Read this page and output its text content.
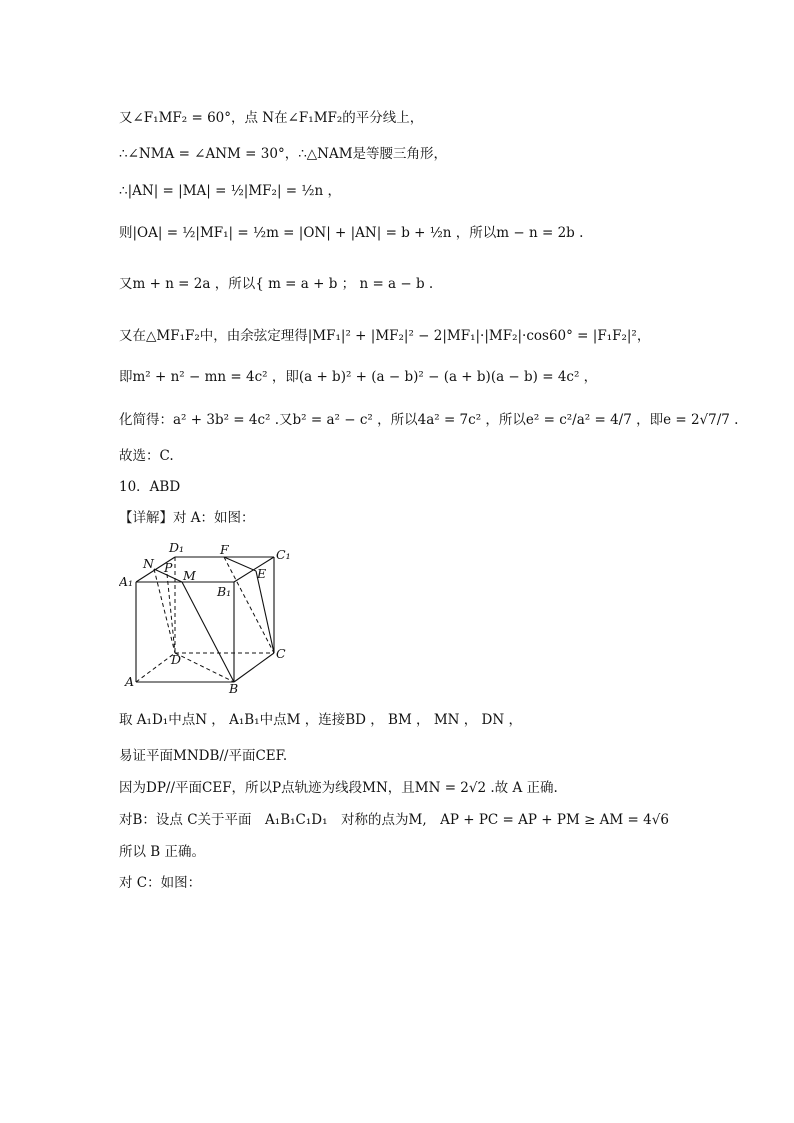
又∠F₁MF₂ = 60°，点 N在∠F₁MF₂的平分线上，
∴∠NMA = ∠ANM = 30°，∴△NAM是等腰三角形，
∴|AN| = |MA| = ½|MF₂| = ½n ，
则|OA| = ½|MF₁| = ½m = |ON| + |AN| = b + ½n ，所以m − n = 2b .
又m + n = 2a ，所以{ m = a + b ； n = a − b .
又在△MF₁F₂中，由余弦定理得|MF₁|² + |MF₂|² − 2|MF₁|·|MF₂|·cos60° = |F₁F₂|²，
即m² + n² − mn = 4c² ，即(a + b)² + (a − b)² − (a + b)(a − b) = 4c² ，
化简得：a² + 3b² = 4c² .又b² = a² − c² ，所以4a² = 7c² ，所以e² = c²/a² = 4/7 ，即e = 2√7/7 .
故选：C.
10．ABD
【详解】对 A：如图：
取 A₁D₁中点N ， A₁B₁中点M ，连接BD ， BM ， MN ， DN ，
易证平面MNDB//平面CEF.
因为DP//平面CEF，所以P点轨迹为线段MN，且MN = 2√2 .故 A 正确.
对B：设点 C关于平面　A₁B₁C₁D₁　对称的点为M,　AP + PC = AP + PM ≥ AM = 4√6
所以 B 正确。
对 C：如图：
D₁	F	C₁
N P
M	E
A₁
B₁
D	C
A	B
